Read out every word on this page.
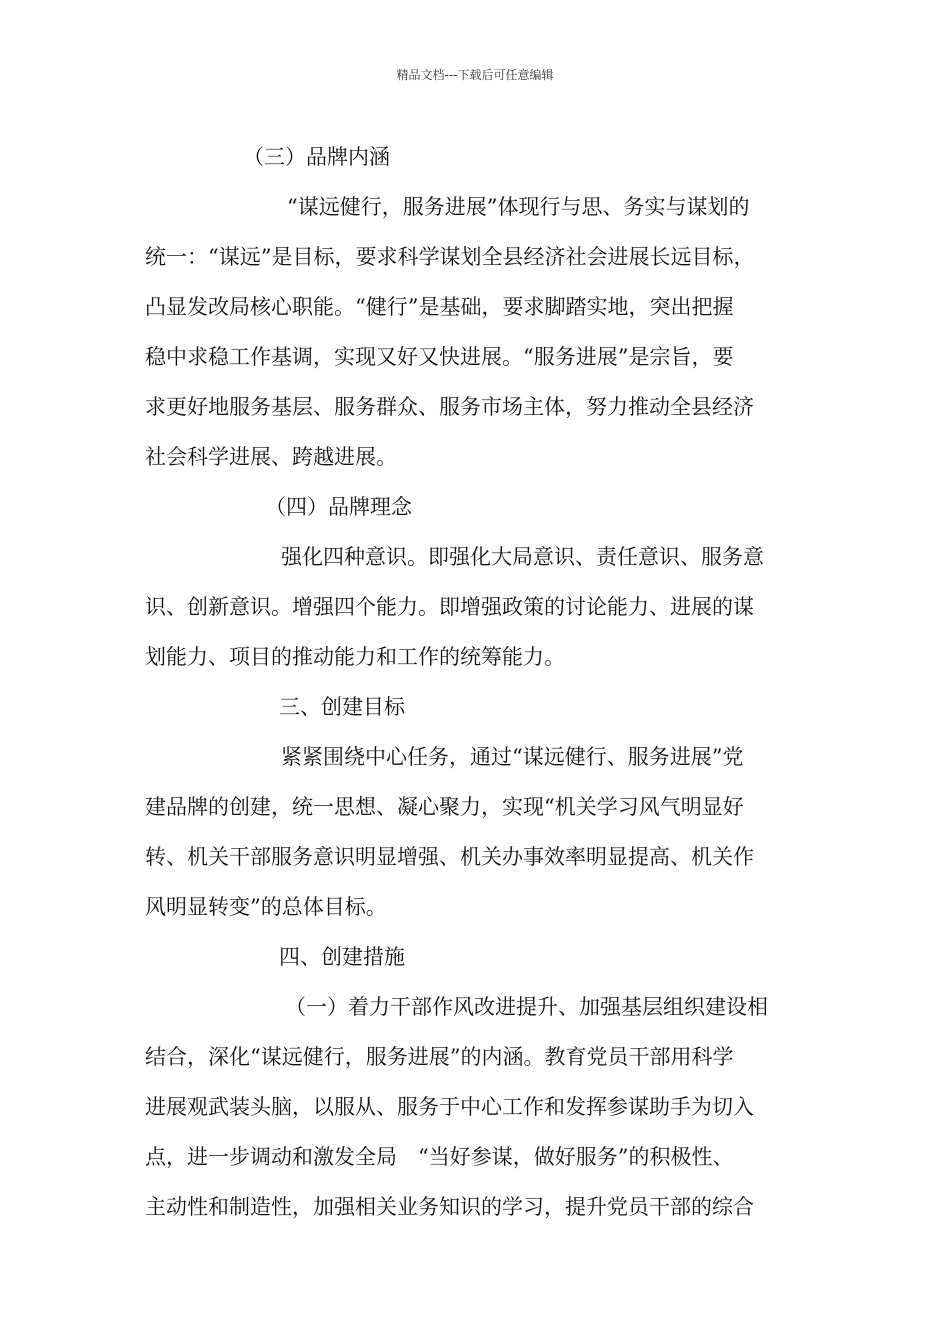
精品文档---下载后可任意编辑
（三）品牌内涵
“谋远健行，服务进展”体现行与思、务实与谋划的
统一：“谋远”是目标，要求科学谋划全县经济社会进展长远目标，
凸显发改局核心职能。“健行”是基础，要求脚踏实地，突出把握
稳中求稳工作基调，实现又好又快进展。“服务进展”是宗旨，要
求更好地服务基层、服务群众、服务市场主体，努力推动全县经济
社会科学进展、跨越进展。
（四）品牌理念
强化四种意识。即强化大局意识、责任意识、服务意
识、创新意识。增强四个能力。即增强政策的讨论能力、进展的谋
划能力、项目的推动能力和工作的统筹能力。
三、创建目标
紧紧围绕中心任务，通过“谋远健行、服务进展”党
建品牌的创建，统一思想、凝心聚力，实现“机关学习风气明显好
转、机关干部服务意识明显增强、机关办事效率明显提高、机关作
风明显转变”的总体目标。
四、创建措施
（一）着力干部作风改进提升、加强基层组织建设相
结合，深化“谋远健行，服务进展”的内涵。教育党员干部用科学
进展观武装头脑，以服从、服务于中心工作和发挥参谋助手为切入
点，进一步调动和激发全局　“当好参谋，做好服务”的积极性、
主动性和制造性，加强相关业务知识的学习，提升党员干部的综合
